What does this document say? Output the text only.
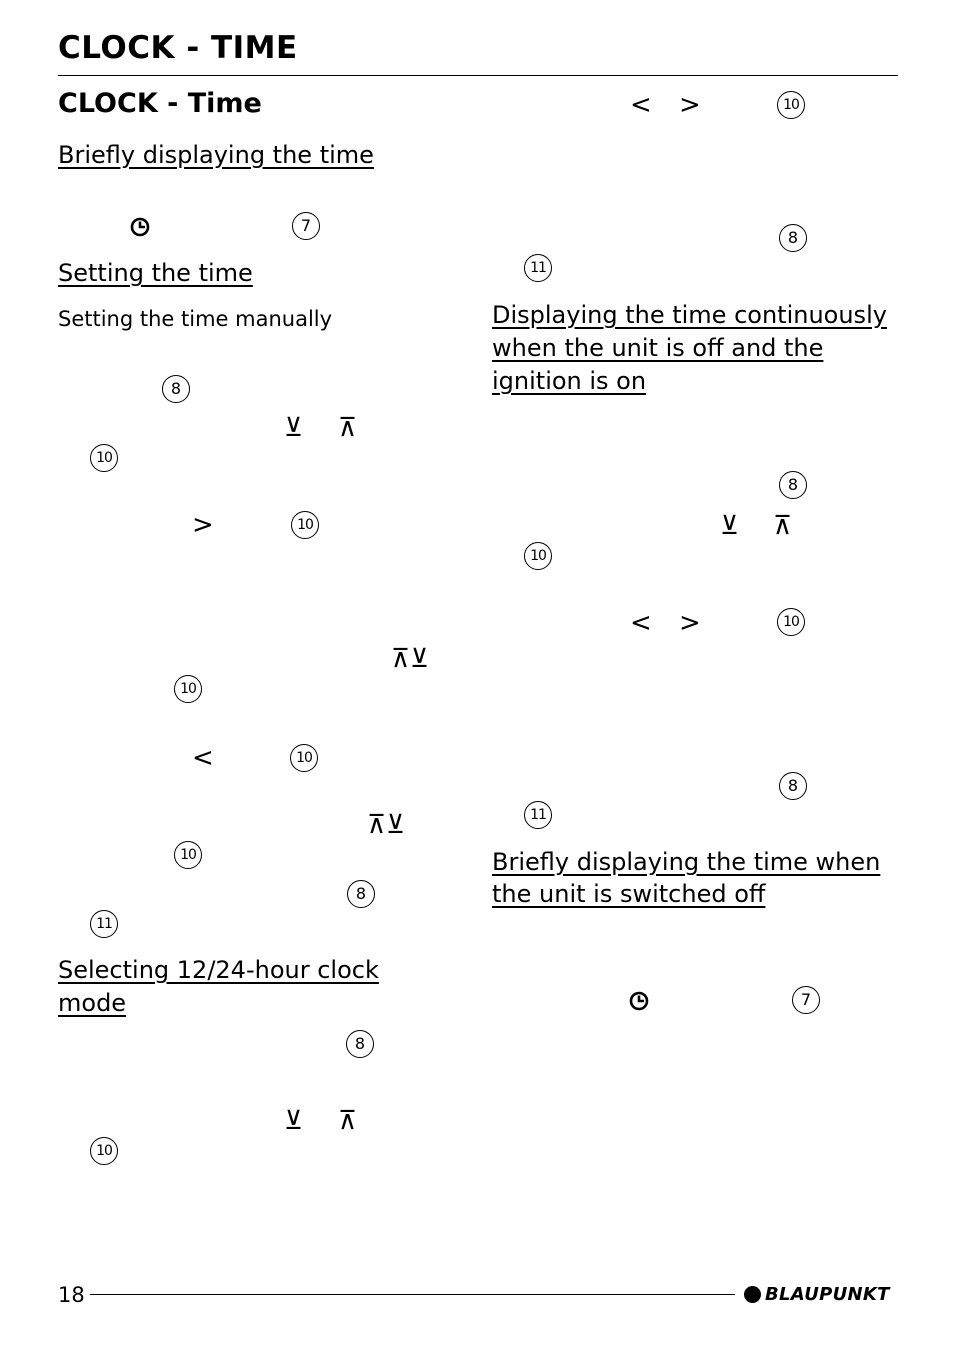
CLOCK - TIME
CLOCK - Time
Briefly displaying the time
7
Setting the time
Setting the time manually
8
⊻ ⊼
10
>	10
⊼⊻
10
<	10
⊼⊻
10
8
11
Selecting 12/24-hour clock
mode
8
⊻ ⊼
10
< >	10
8
11
Displaying the time continuously
when the unit is off and the
ignition is on
8
⊻ ⊼
10
< >	10
8
11
Briefly displaying the time when
the unit is switched off
7
18	BLAUPUNKT
